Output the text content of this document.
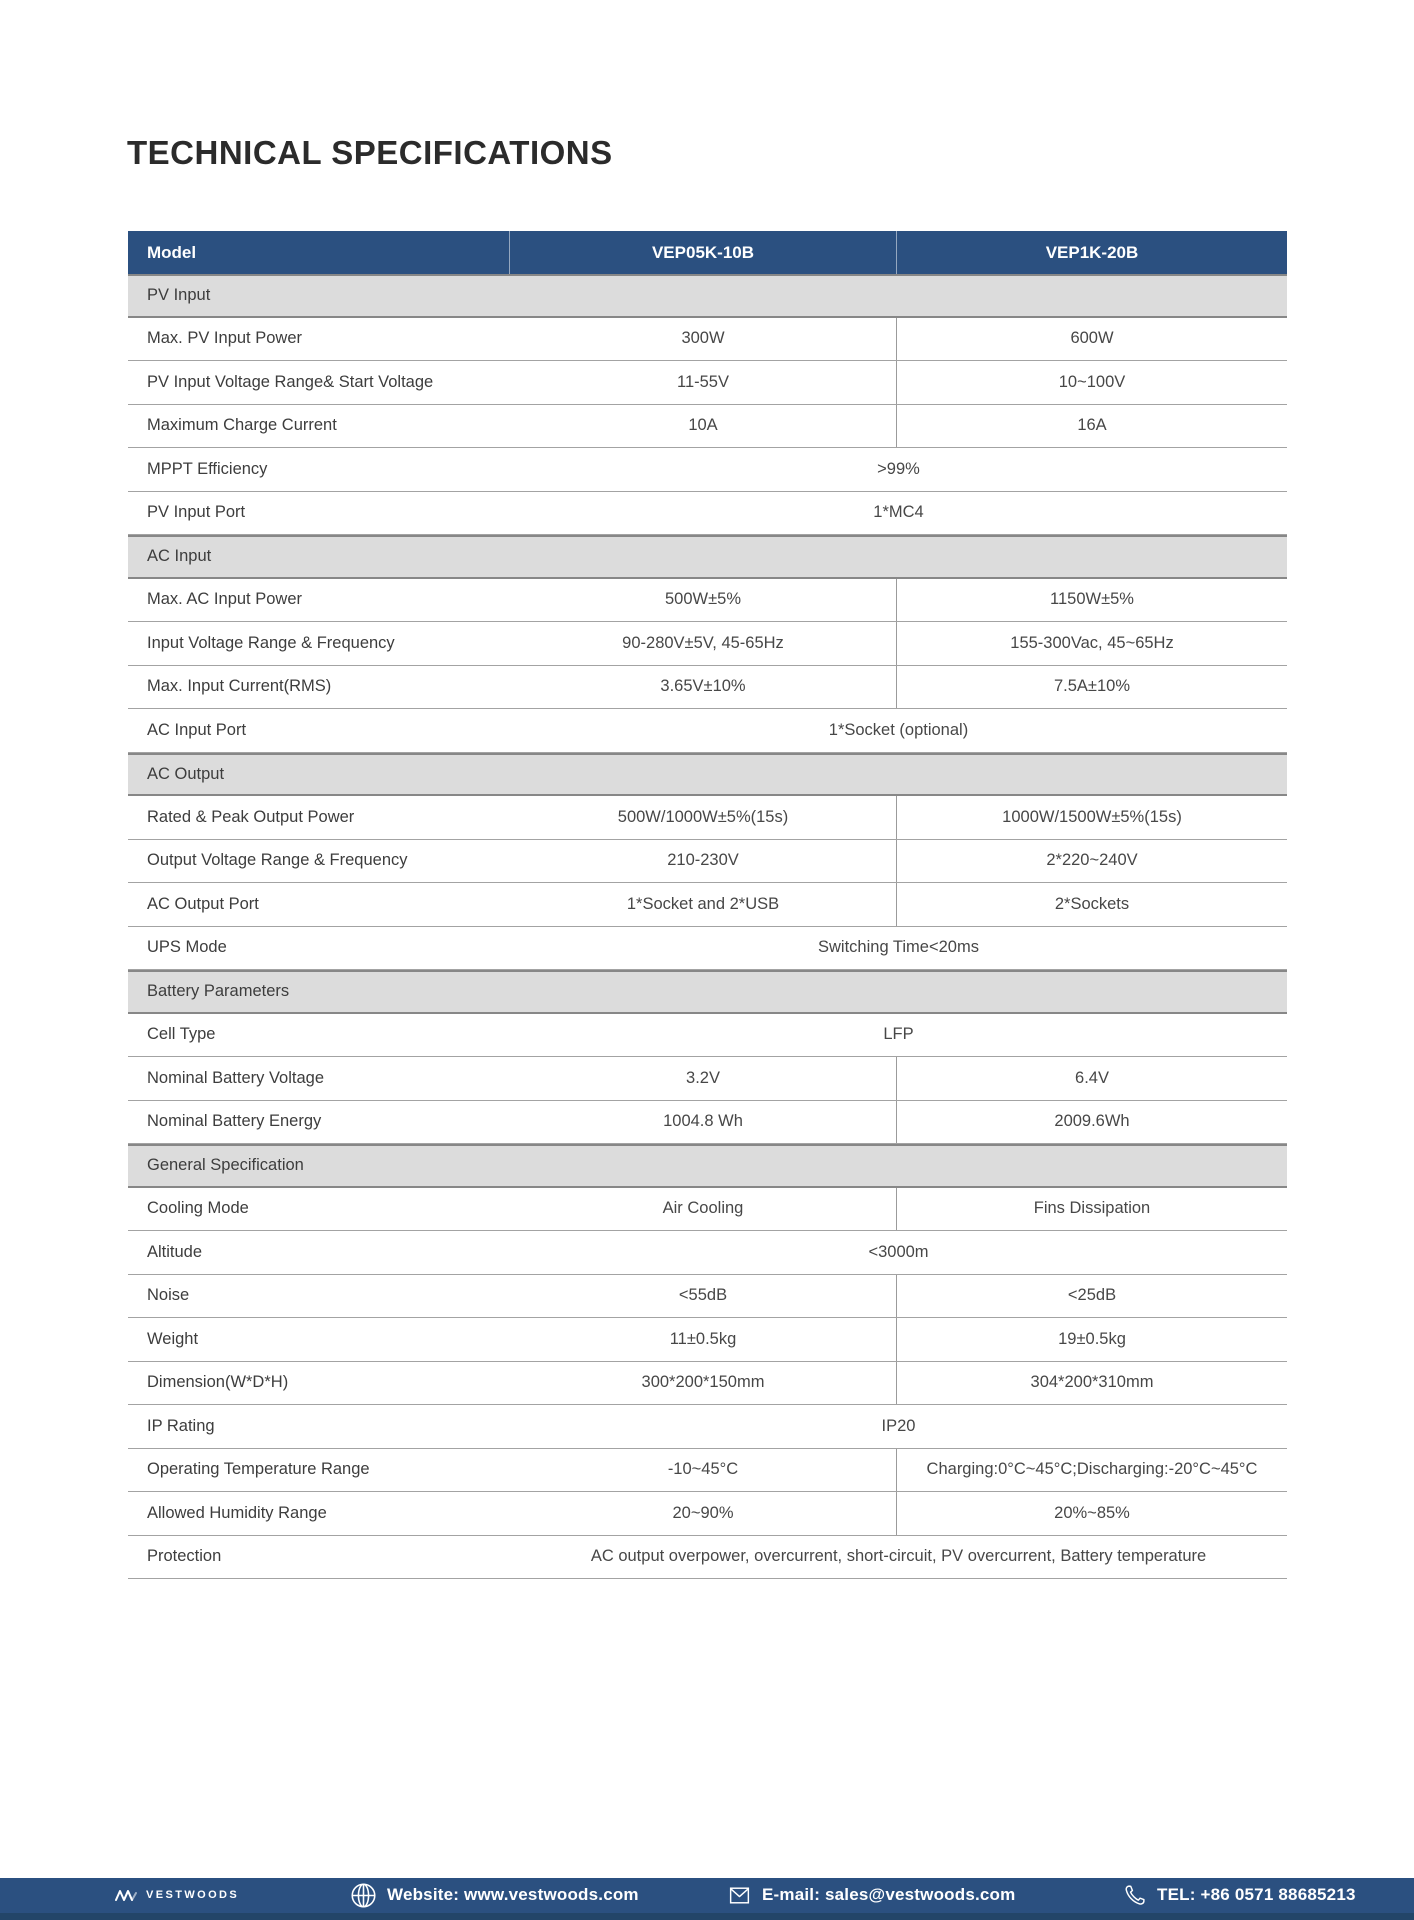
TECHNICAL SPECIFICATIONS
Model	VEP05K-10B	VEP1K-20B
PV Input
Max. PV Input Power	300W	600W
PV Input Voltage Range& Start Voltage	11-55V	10~100V
Maximum Charge Current	10A	16A
MPPT Efficiency	>99%
PV Input Port	1*MC4
AC Input
Max. AC Input Power	500W±5%	1150W±5%
Input Voltage Range & Frequency	90-280V±5V, 45-65Hz	155-300Vac, 45~65Hz
Max. Input Current(RMS)	3.65V±10%	7.5A±10%
AC Input Port	1*Socket (optional)
AC Output
Rated & Peak Output Power	500W/1000W±5%(15s)	1000W/1500W±5%(15s)
Output Voltage Range & Frequency	210-230V	2*220~240V
AC Output Port	1*Socket and 2*USB	2*Sockets
UPS Mode	Switching Time<20ms
Battery Parameters
Cell Type	LFP
Nominal Battery Voltage	3.2V	6.4V
Nominal Battery Energy	1004.8 Wh	2009.6Wh
General Specification
Cooling Mode	Air Cooling	Fins Dissipation
Altitude	<3000m
Noise	<55dB	<25dB
Weight	11±0.5kg	19±0.5kg
Dimension(W*D*H)	300*200*150mm	304*200*310mm
IP Rating	IP20
Operating Temperature Range	-10~45°C	Charging:0°C~45°C;Discharging:-20°C~45°C
Allowed Humidity Range	20~90%	20%~85%
Protection	AC output overpower, overcurrent, short-circuit, PV overcurrent, Battery temperature
VESTWOODS	Website: www.vestwoods.com	E-mail: sales@vestwoods.com	TEL: +86 0571 88685213
